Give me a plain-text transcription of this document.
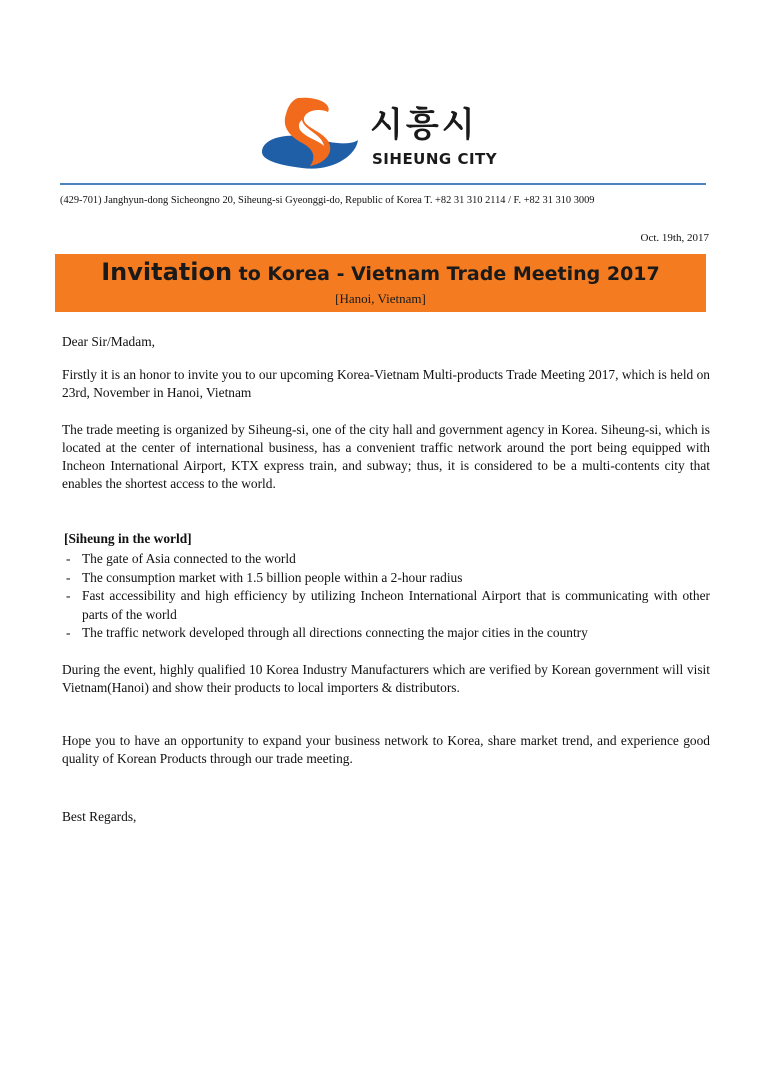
시흥시
SIHEUNG CITY
(429-701) Janghyun-dong Sicheongno 20, Siheung-si Gyeonggi-do, Republic of Korea T. +82 31 310 2114 / F. +82 31 310 3009
Oct. 19th, 2017
Invitation to Korea - Vietnam Trade Meeting 2017
[Hanoi, Vietnam]

Dear Sir/Madam,

Firstly it is an honor to invite you to our upcoming Korea-Vietnam Multi-products Trade Meeting 2017, which is held on 23rd, November in Hanoi, Vietnam

The trade meeting is organized by Siheung-si, one of the city hall and government agency in Korea. Siheung-si, which is located at the center of international business, has a convenient traffic network around the port being equipped with Incheon International Airport, KTX express train, and subway; thus, it is considered to be a multi-contents city that enables the shortest access to the world.

[Siheung in the world]
- The gate of Asia connected to the world
- The consumption market with 1.5 billion people within a 2-hour radius
- Fast accessibility and high efficiency by utilizing Incheon International Airport that is communicating with other parts of the world
- The traffic network developed through all directions connecting the major cities in the country

During the event, highly qualified 10 Korea Industry Manufacturers which are verified by Korean government will visit Vietnam(Hanoi) and show their products to local importers & distributors.

Hope you to have an opportunity to expand your business network to Korea, share market trend, and experience good quality of Korean Products through our trade meeting.

Best Regards,
